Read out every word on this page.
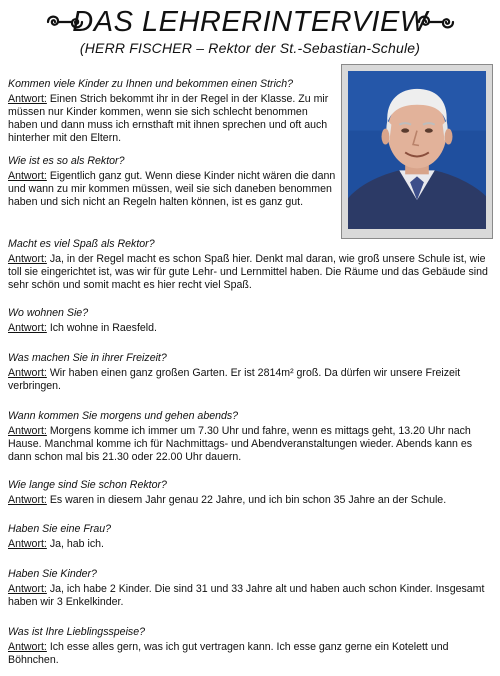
DAS LEHRERINTERVIEW
(HERR FISCHER – Rektor der St.-Sebastian-Schule)

Kommen viele Kinder zu Ihnen und bekommen einen Strich?

Antwort: Einen Strich bekommt ihr in der Regel in der Klasse. Zu mir müssen nur Kinder kommen, wenn sie sich schlecht benommen haben und dann muss ich ernsthaft mit ihnen sprechen und oft auch hinterher mit den Eltern.

Wie ist es so als Rektor?

Antwort: Eigentlich ganz gut. Wenn diese Kinder nicht wären die dann und wann zu mir kommen müssen, weil sie sich daneben benommen haben und sich nicht an Regeln halten können, ist es ganz gut.

Macht es viel Spaß als Rektor?

Antwort: Ja, in der Regel macht es schon Spaß hier. Denkt mal daran, wie groß unsere Schule ist, wie toll sie eingerichtet ist, was wir für gute Lehr- und Lernmittel haben. Die Räume und das Gebäude sind sehr schön und somit macht es hier recht viel Spaß.

Wo wohnen Sie?

Antwort: Ich wohne in Raesfeld.

Was machen Sie in ihrer Freizeit?

Antwort: Wir haben einen ganz großen Garten. Er ist 2814m² groß. Da dürfen wir unsere Freizeit verbringen.

Wann kommen Sie morgens und gehen abends?

Antwort: Morgens komme ich immer um 7.30 Uhr und fahre, wenn es mittags geht, 13.20 Uhr nach Hause. Manchmal komme ich für Nachmittags- und Abendveranstaltungen wieder. Abends kann es dann schon mal bis 21.30 oder 22.00 Uhr dauern.

Wie lange sind Sie schon Rektor?

Antwort: Es waren in diesem Jahr genau 22 Jahre, und ich bin schon 35 Jahre an der Schule.

Haben Sie eine Frau?

Antwort: Ja, hab ich.

Haben Sie Kinder?

Antwort: Ja, ich habe 2 Kinder. Die sind 31 und 33 Jahre alt und haben auch schon Kinder. Insgesamt haben wir 3 Enkelkinder.

Was ist Ihre Lieblingsspeise?

Antwort: Ich esse alles gern, was ich gut vertragen kann. Ich esse ganz gerne ein Kotelett und Böhnchen.
